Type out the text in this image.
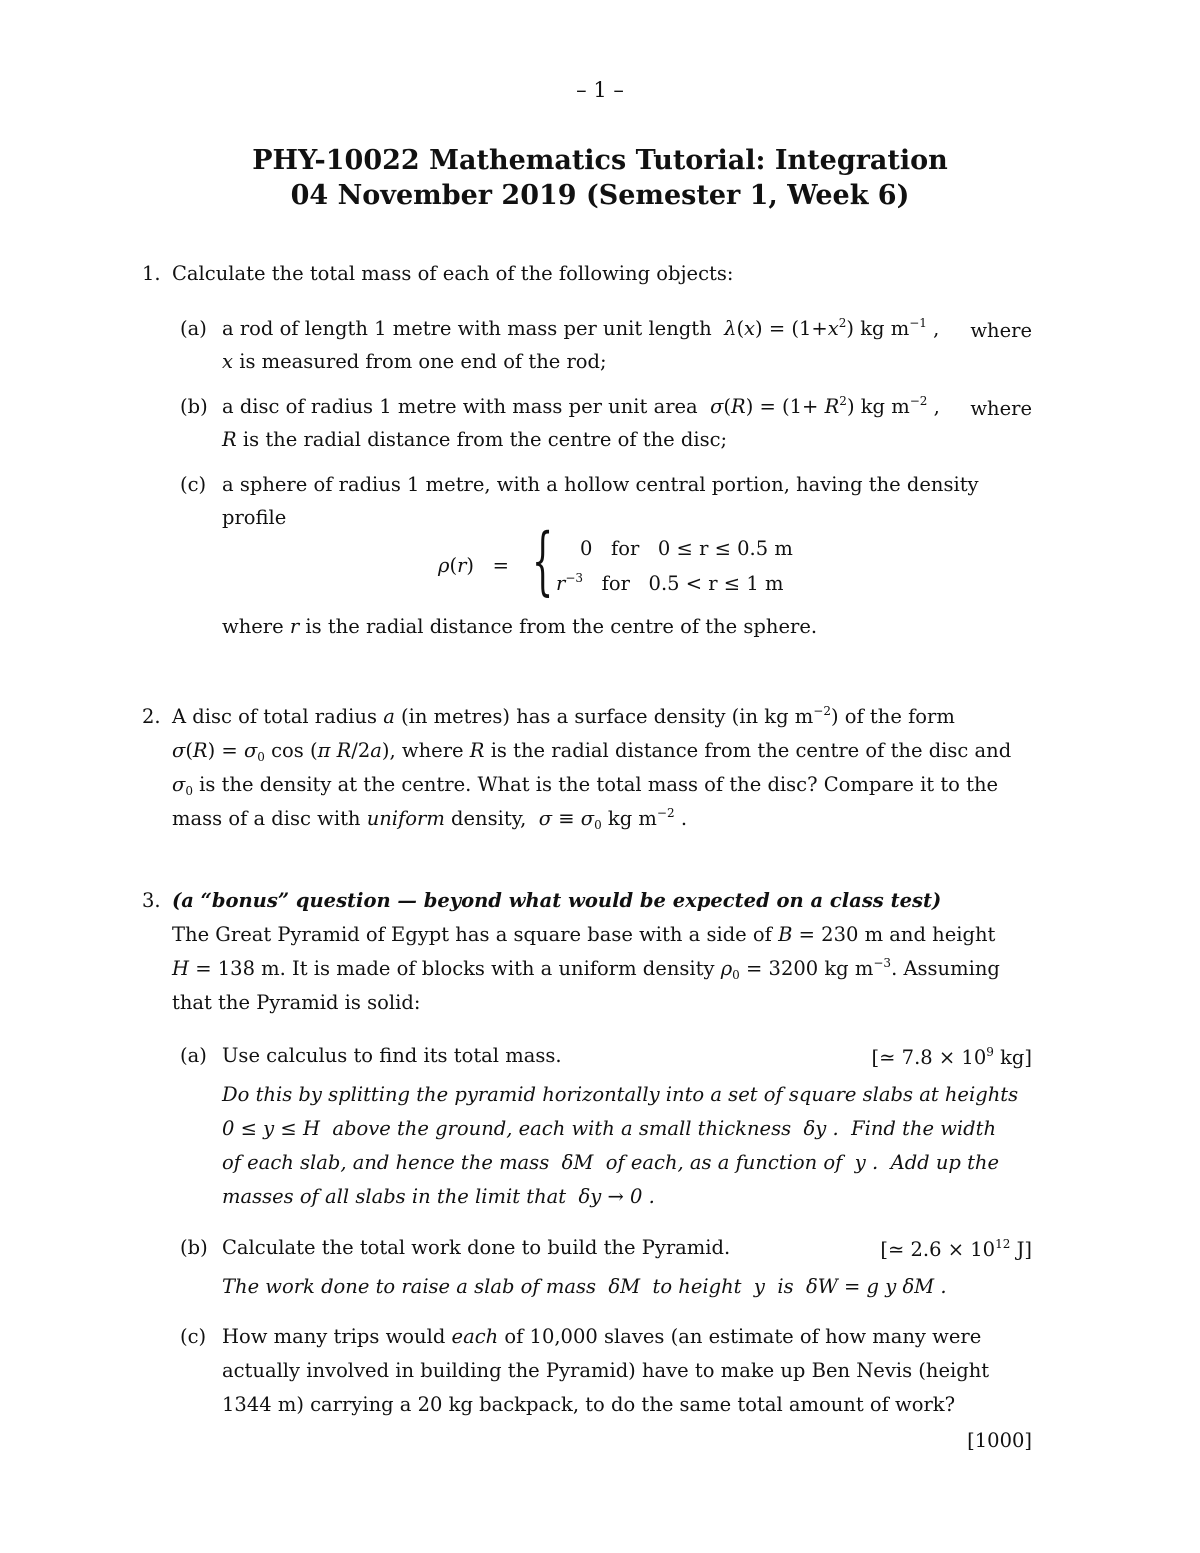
– 1 –
PHY-10022 Mathematics Tutorial: Integration
04 November 2019 (Semester 1, Week 6)
1. Calculate the total mass of each of the following objects:
(a) a rod of length 1 metre with mass per unit length $\lambda(x) = (1+x^2)$ kg $m^{-1}$ , where
x is measured from one end of the rod;
(b) a disc of radius 1 metre with mass per unit area $\sigma(R) = (1+ R^2)$ kg $m^{-2}$ , where
R is the radial distance from the centre of the disc;
(c) a sphere of radius 1 metre, with a hollow central portion, having the density
profile
ρ(r)   = { 0 for 0 ≤ r ≤ 0.5 m
$r^{-3}$ for 0.5 < r ≤ 1 m
where r is the radial distance from the centre of the sphere.
2. A disc of total radius a (in metres) has a surface density (in kg $m^{-2}$) of the form
$\sigma(R) = \sigma_0$ cos (π R/2a), where R is the radial distance from the centre of the disc and
$\sigma_0$ is the density at the centre. What is the total mass of the disc? Compare it to the
mass of a disc with uniform density, $\sigma \equiv \sigma_0$ kg $m^{-2}$ .
3. (a “bonus” question — beyond what would be expected on a class test)
The Great Pyramid of Egypt has a square base with a side of B = 230 m and height
H = 138 m. It is made of blocks with a uniform density $\rho_0 = 3200$ kg $m^{-3}$. Assuming
that the Pyramid is solid:
(a) Use calculus to find its total mass.	[≃ $7.8 \times 10^9$ kg]
Do this by splitting the pyramid horizontally into a set of square slabs at heights
0 ≤ y ≤ H above the ground, each with a small thickness δy .  Find the width
of each slab, and hence the mass δM of each, as a function of y .  Add up the
masses of all slabs in the limit that δy → 0 .
(b) Calculate the total work done to build the Pyramid.	[≃ $2.6 \times 10^{12}$ J]
The work done to raise a slab of mass δM to height y is δW = g y δM .
(c) How many trips would each of 10,000 slaves (an estimate of how many were
actually involved in building the Pyramid) have to make up Ben Nevis (height
1344 m) carrying a 20 kg backpack, to do the same total amount of work?
[1000]
